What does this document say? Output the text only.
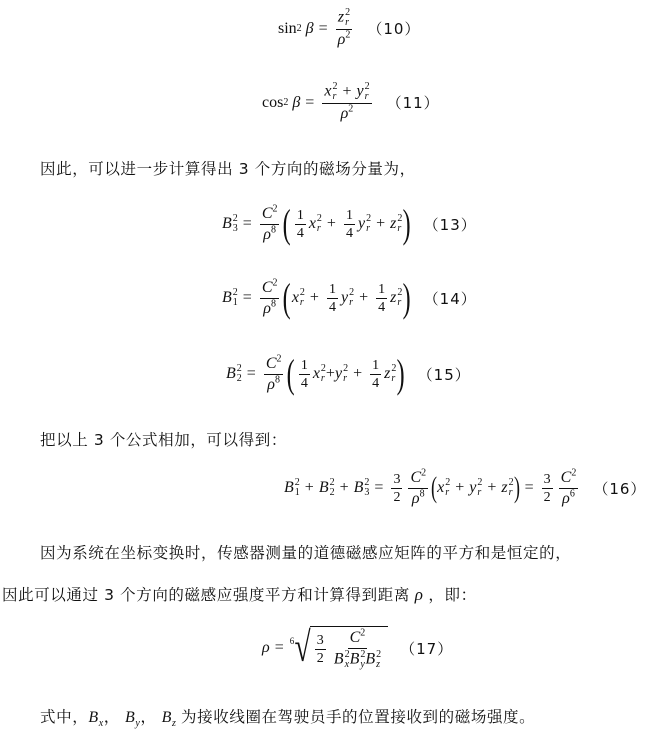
sin 2
β = z 2
r
$\rho^2$ （10）
cos 2
β = x 2
r + y 2
r
$\rho^2$ （11）
因此，可以进一步计算得出 3 个方向的磁场分量为，
B 2
$3 = \frac{C^2}{\rho^8}$ ( $\frac{1}{4}$ x 2
$r + \frac{1}{4}$ y 2
r + z 2
r ) （13）
B 2
$1 = \frac{C^2}{\rho^8}$ ( x 2
$r + \frac{1}{4}$ y 2
$r + \frac{1}{4}$ z 2
r ) （14）
B 2
$2 = \frac{C^2}{\rho^8}$ ( $\frac{1}{4}$ x 2
r + y 2
$r + \frac{1}{4}$ z 2
r ) （15）
把以上 3 个公式相加，可以得到：
B 2
1 + B 2
2 + B 2
$3 = \frac{3}{2} \frac{C^2}{\rho^8}$ ( x 2
r + y 2
r + z 2
r ) = $\frac{3}{2} \frac{C^2}{\rho^6} (16)$
因为系统在坐标变换时，传感器测量的道德磁感应矩阵的平方和是恒定的，
因此可以通过 3 个方向的磁感应强度平方和计算得到距离 ρ ，即：
ρ = 6 √ $\frac{3}{2} C^2$
B 2
x B 2
y B 2
z （17）
式中，$B_x$， $B_y$， $B_z$ 为接收线圈在驾驶员手的位置接收到的磁场强度。
